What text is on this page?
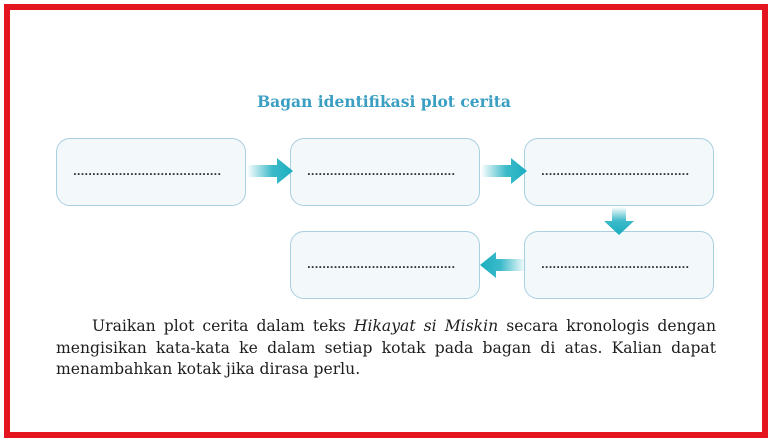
Bagan identifikasi plot cerita
.......................................	.......................................	.......................................
.......................................
.......................................
Uraikan plot cerita dalam teks Hikayat si Miskin secara kronologis dengan mengisikan kata-kata ke dalam setiap kotak pada bagan di atas. Kalian dapat menambahkan kotak jika dirasa perlu.
